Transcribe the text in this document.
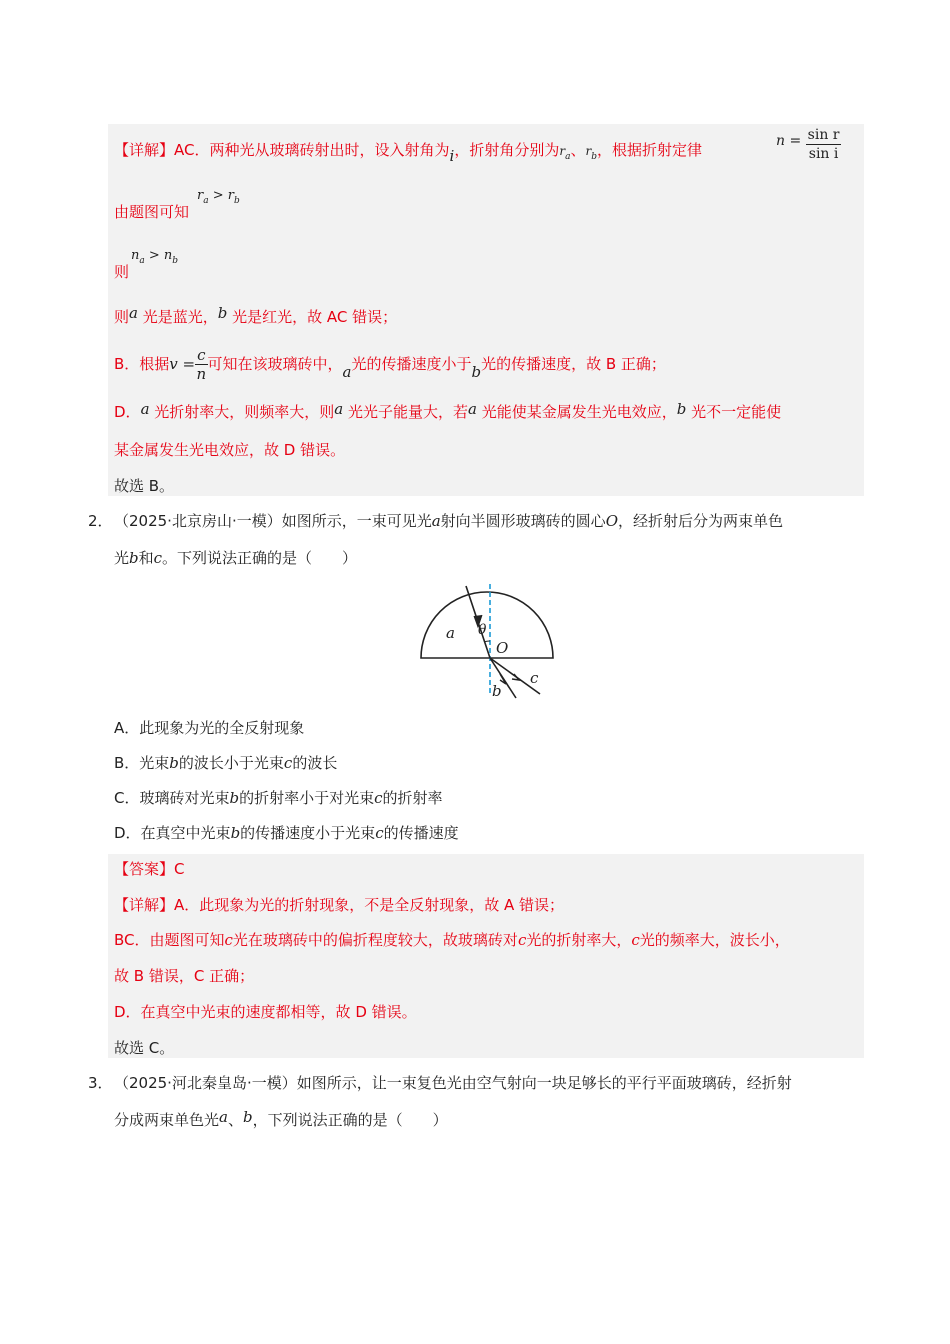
【详解】AC．两种光从玻璃砖射出时，设入射角为i，折射角分别为$r_a$、$r_b$，根据折射定律
$n = \frac{\text{sin r}}{\text{sin i}}$
由题图可知
$r_a > r_b$
则
$n_a > n_b$
则a 光是蓝光，b 光是红光，故 AC 错误；
B．根据$v = \frac{c}{n}$ 可知在该玻璃砖中，a光的传播速度小于b光的传播速度，故 B 正确；
D．a 光折射率大，则频率大，则a 光光子能量大，若a 光能使某金属发生光电效应，b 光不一定能使
某金属发生光电效应，故 D 错误。
故选 B。
2． （2025·北京房山·一模）如图所示，一束可见光a射向半圆形玻璃砖的圆心O，经折射后分为两束单色
光b和c。下列说法正确的是（　　）
a θ
O
b
c
A．此现象为光的全反射现象
B．光束b的波长小于光束c的波长
C．玻璃砖对光束b的折射率小于对光束c的折射率
D．在真空中光束b的传播速度小于光束c的传播速度
【答案】C
【详解】A．此现象为光的折射现象，不是全反射现象，故 A 错误；
BC．由题图可知c光在玻璃砖中的偏折程度较大，故玻璃砖对c光的折射率大，c光的频率大，波长小，
故 B 错误，C 正确；
D．在真空中光束的速度都相等，故 D 错误。
故选 C。
3． （2025·河北秦皇岛·一模）如图所示，让一束复色光由空气射向一块足够长的平行平面玻璃砖，经折射
分成两束单色光a、b，下列说法正确的是（　　）
